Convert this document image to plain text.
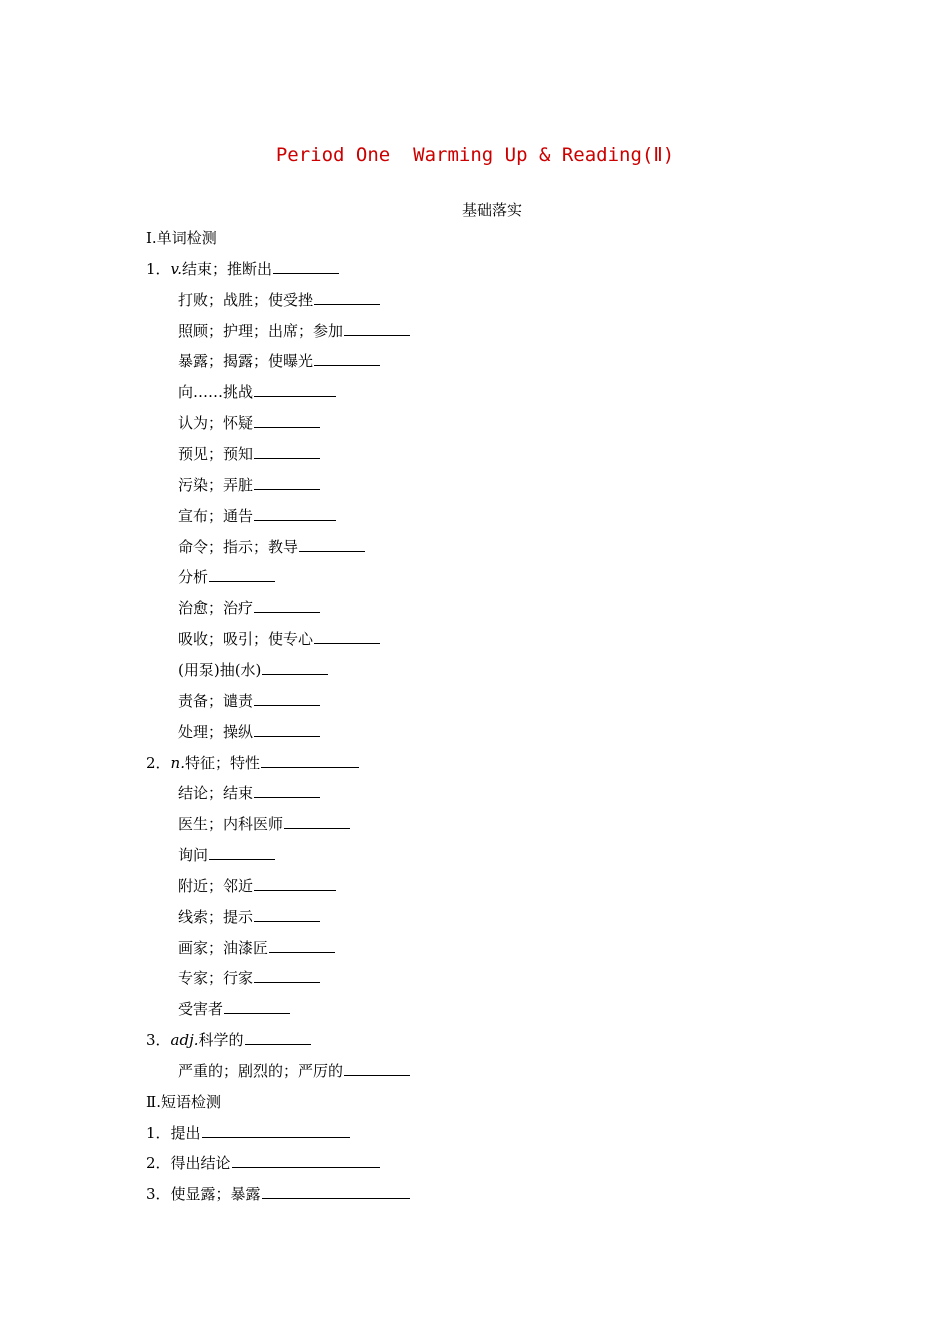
Period One  Warming Up & Reading(Ⅱ)
基础落实
Ⅰ.单词检测
1．v.结束；推断出
打败；战胜；使受挫
照顾；护理；出席；参加
暴露；揭露；使曝光
向……挑战
认为；怀疑
预见；预知
污染；弄脏
宣布；通告
命令；指示；教导
分析
治愈；治疗
吸收；吸引；使专心
(用泵)抽(水)
责备；谴责
处理；操纵
2．n.特征；特性
结论；结束
医生；内科医师
询问
附近；邻近
线索；提示
画家；油漆匠
专家；行家
受害者
3．adj.科学的
严重的；剧烈的；严厉的
Ⅱ.短语检测
1．提出
2．得出结论
3．使显露；暴露
